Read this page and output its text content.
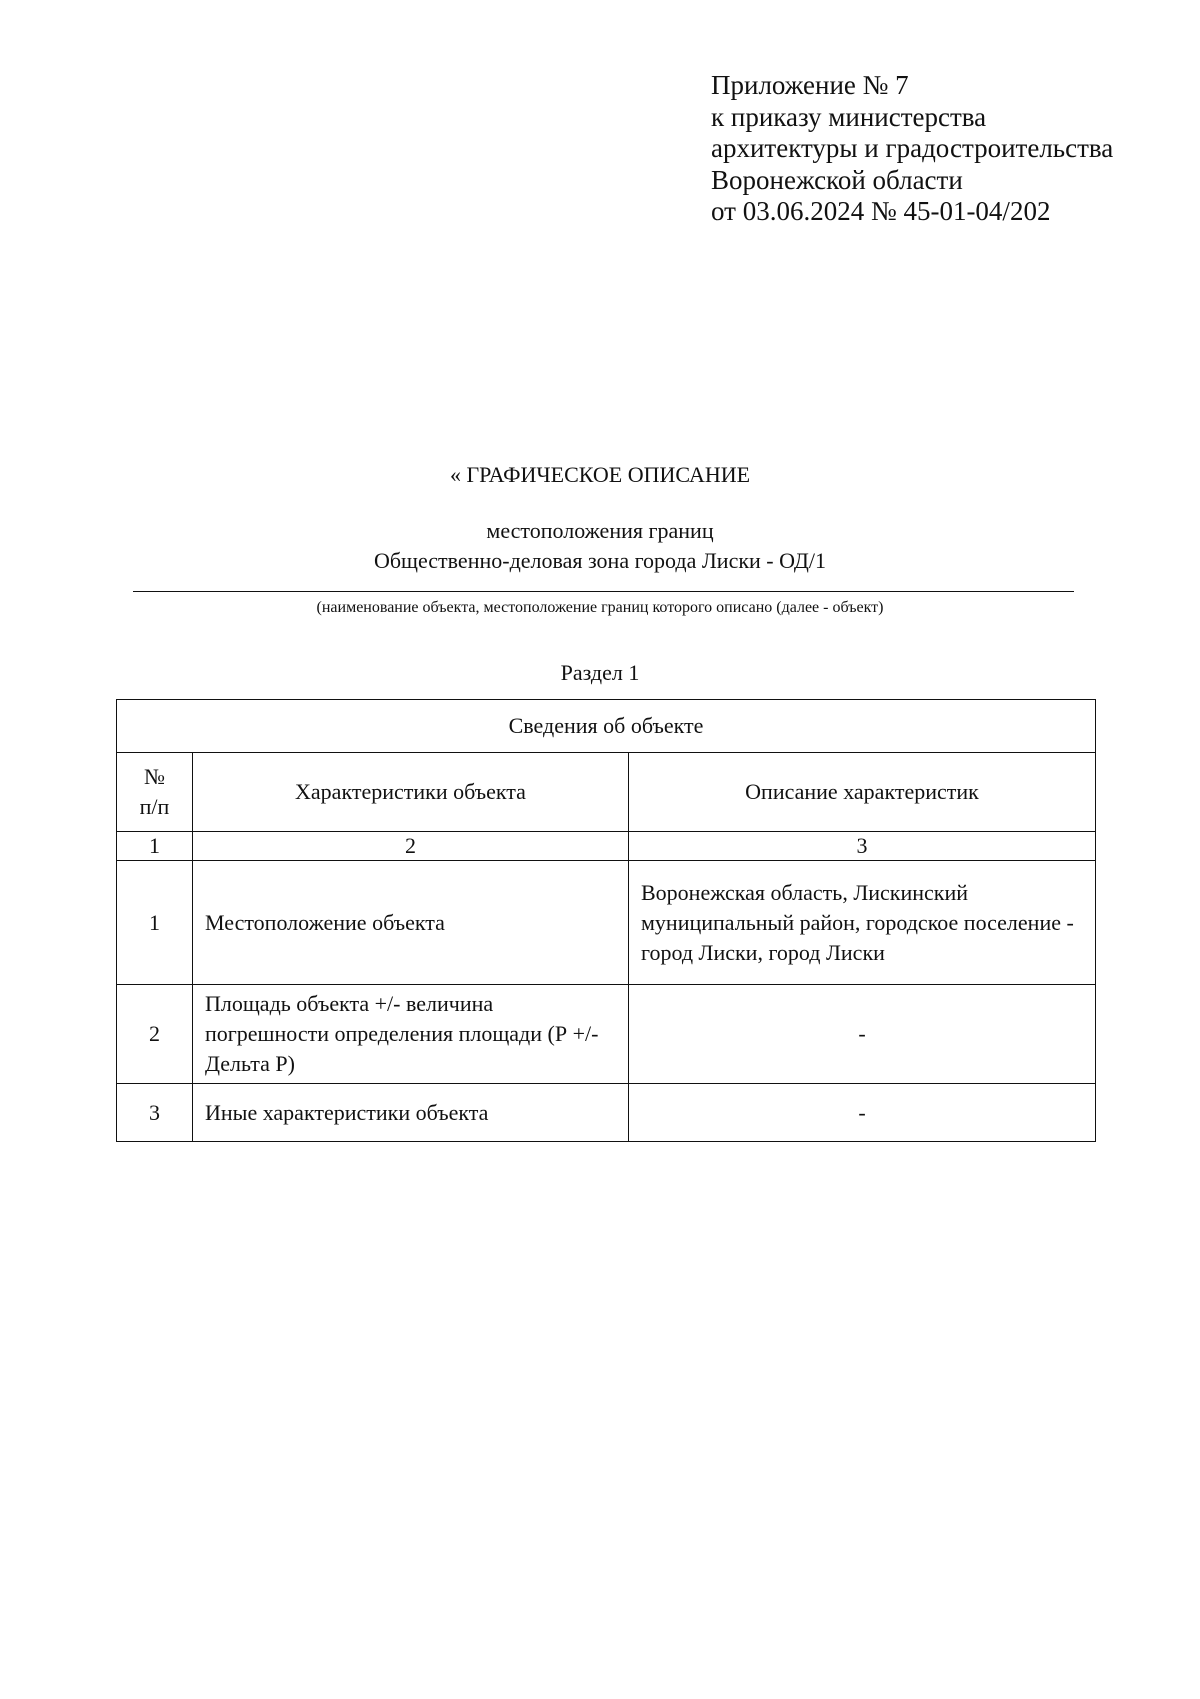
Приложение № 7
к приказу министерства
архитектуры и градостроительства
Воронежской области
от 03.06.2024 № 45-01-04/202
« ГРАФИЧЕСКОЕ ОПИСАНИЕ
местоположения границ
Общественно-деловая зона города Лиски - ОД/1
(наименование объекта, местоположение границ которого описано (далее - объект)
Раздел 1
Сведения об объекте		

№
п/п	Характеристики объекта	Описание характеристик
1	2	3
1	Местоположение объекта	Воронежская область, Лискинский муниципальный район, городское поселение - город Лиски, город Лиски
2	Площадь объекта +/- величина погрешности определения площади (Р +/- Дельта Р)	-
3	Иные характеристики объекта	-
